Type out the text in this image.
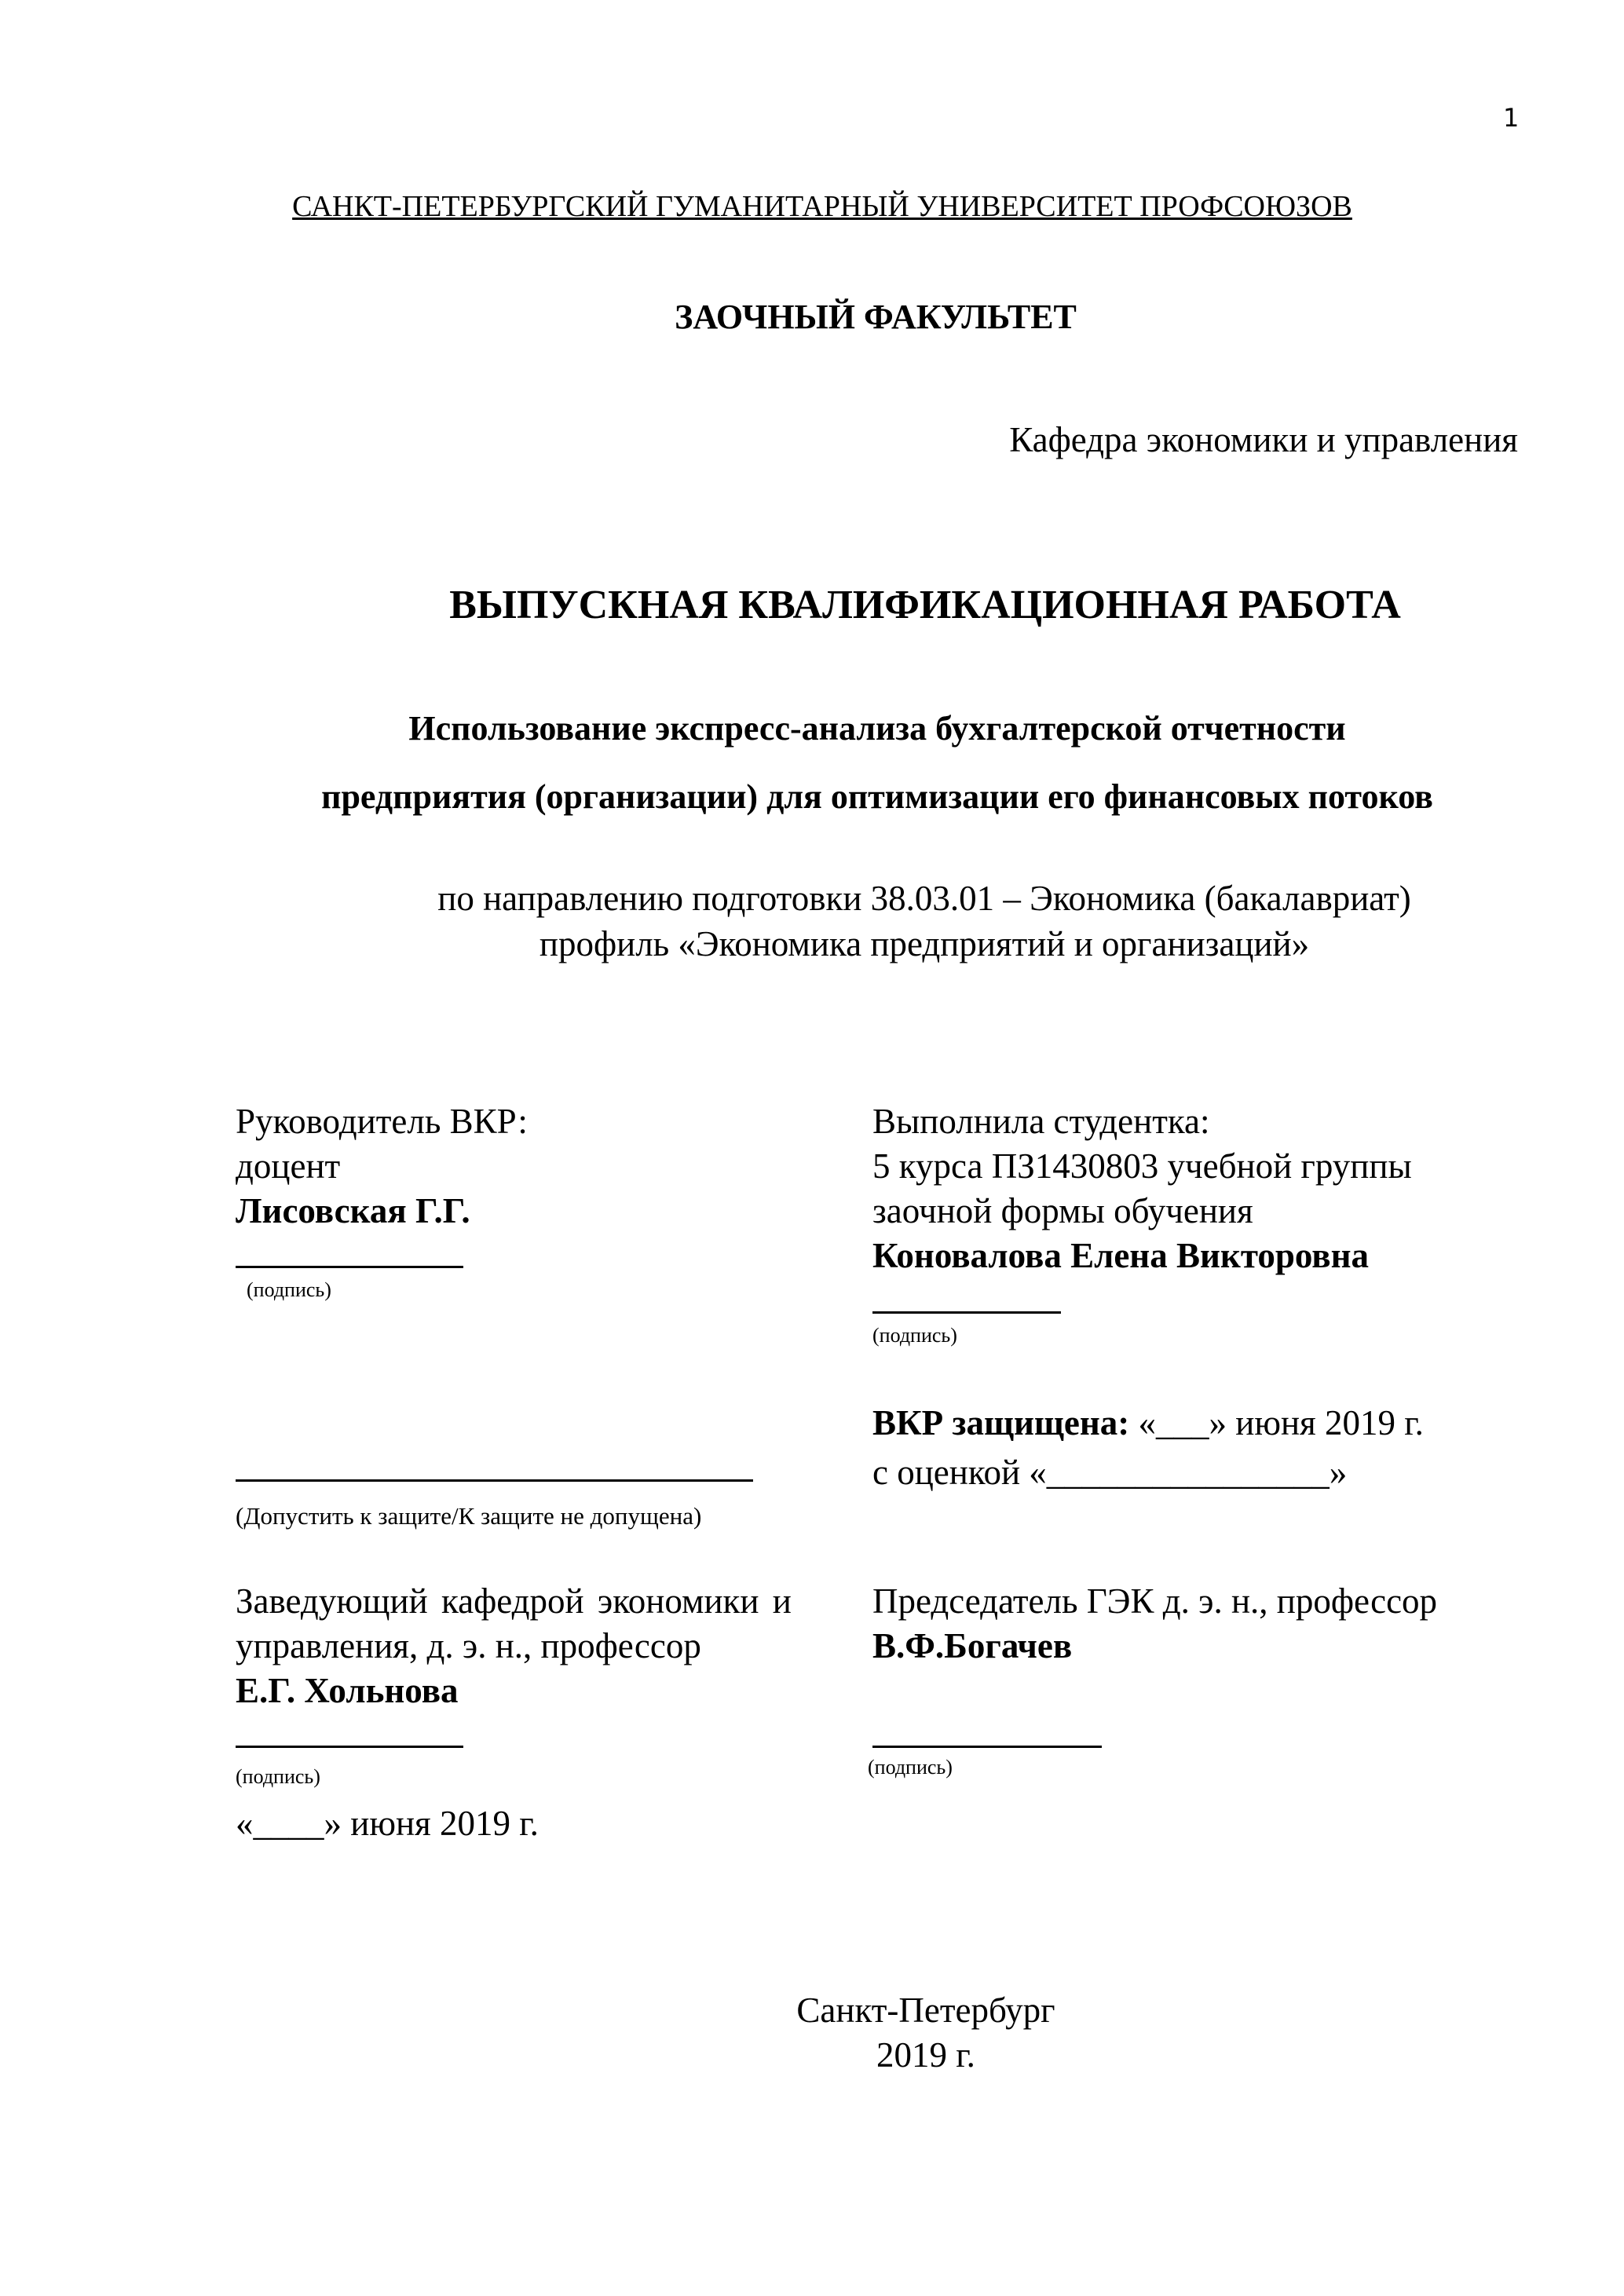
1
САНКТ-ПЕТЕРБУРГСКИЙ ГУМАНИТАРНЫЙ УНИВЕРСИТЕТ ПРОФСОЮЗОВ
ЗАОЧНЫЙ ФАКУЛЬТЕТ
Кафедра экономики и управления
ВЫПУСКНАЯ КВАЛИФИКАЦИОННАЯ РАБОТА
Использование экспресс-анализа бухгалтерской отчетности
предприятия (организации) для оптимизации его финансовых потоков
по направлению подготовки 38.03.01 – Экономика (бакалавриат)
профиль «Экономика предприятий и организаций»
Руководитель ВКР:
доцент
Лисовская Г.Г.
(подпись)
(Допустить к защите/К защите не допущена)
Заведующий кафедрой экономики и
управления, д. э. н., профессор
Е.Г. Хольнова
(подпись)
«____» июня 2019 г.
Выполнила студентка:
5 курса ПЗ1430803 учебной группы
заочной формы обучения
Коновалова Елена Викторовна
(подпись)
ВКР защищена: «___» июня 2019 г.
с оценкой «________________»
Председатель ГЭК д. э. н., профессор
В.Ф.Богачев
(подпись)
Санкт-Петербург
2019 г.
